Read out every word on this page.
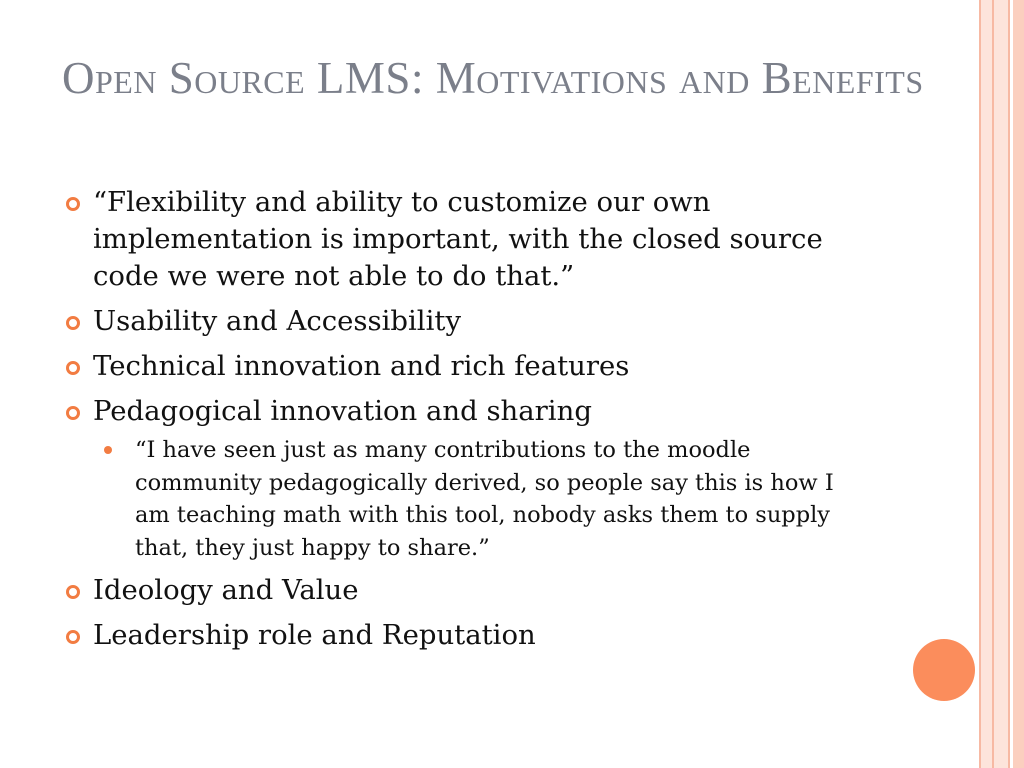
Open Source LMS: Motivations and Benefits
“Flexibility and ability to customize our own implementation is important, with the closed source code we were not able to do that.”
Usability and Accessibility
Technical innovation and rich features
Pedagogical innovation and sharing
“I have seen just as many contributions to the moodle community pedagogically derived, so people say this is how I am teaching math with this tool, nobody asks them to supply that, they just happy to share.”
Ideology and Value
Leadership role and Reputation
